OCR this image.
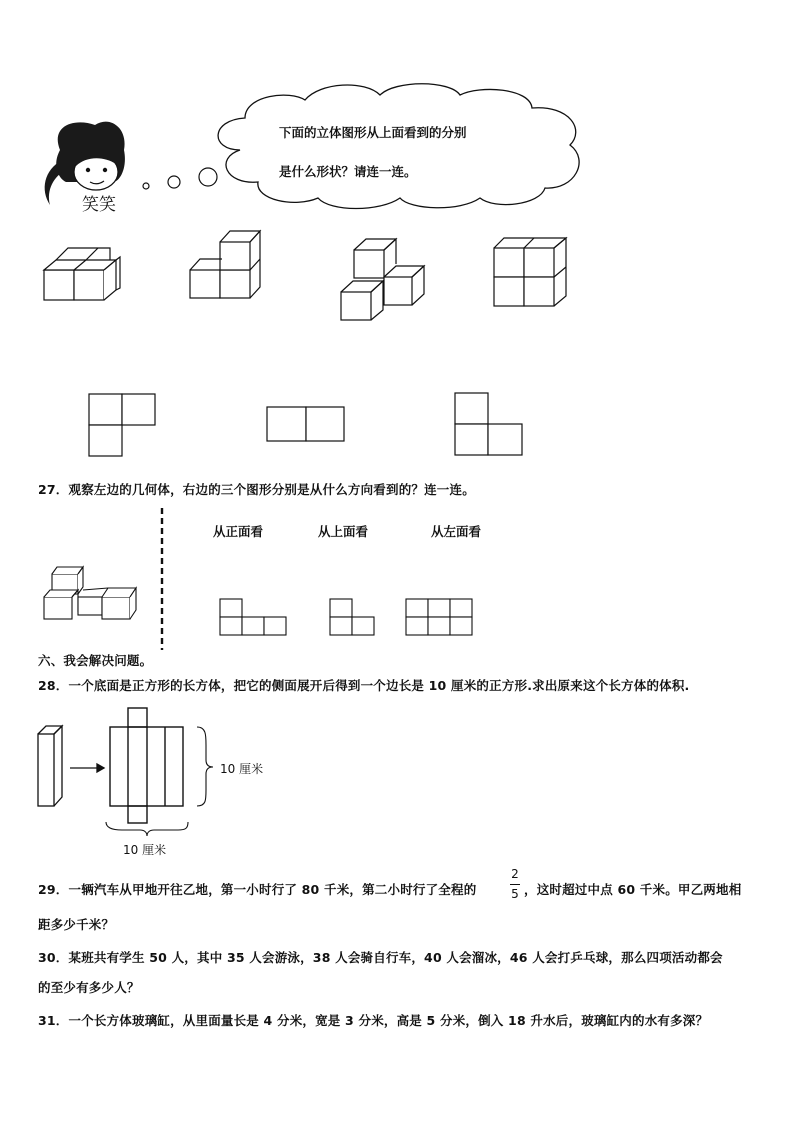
笑笑
下面的立体图形从上面看到的分别
是什么形状？请连一连。
27．观察左边的几何体，右边的三个图形分别是从什么方向看到的？连一连。
从正面看	从上面看	从左面看
六、我会解决问题。
28．一个底面是正方形的长方体，把它的侧面展开后得到一个边长是 10 厘米的正方形.求出原来这个长方体的体积.
10 厘米
10 厘米
29．一辆汽车从甲地开往乙地，第一小时行了 80 千米，第二小时行了全程的
2
5 ，这时超过中点 60 千米。甲乙两地相
距多少千米？
30．某班共有学生 50 人，其中 35 人会游泳，38 人会骑自行车，40 人会溜冰，46 人会打乒乓球，那么四项活动都会
的至少有多少人？
31．一个长方体玻璃缸，从里面量长是 4 分米，宽是 3 分米，高是 5 分米，倒入 18 升水后，玻璃缸内的水有多深？
